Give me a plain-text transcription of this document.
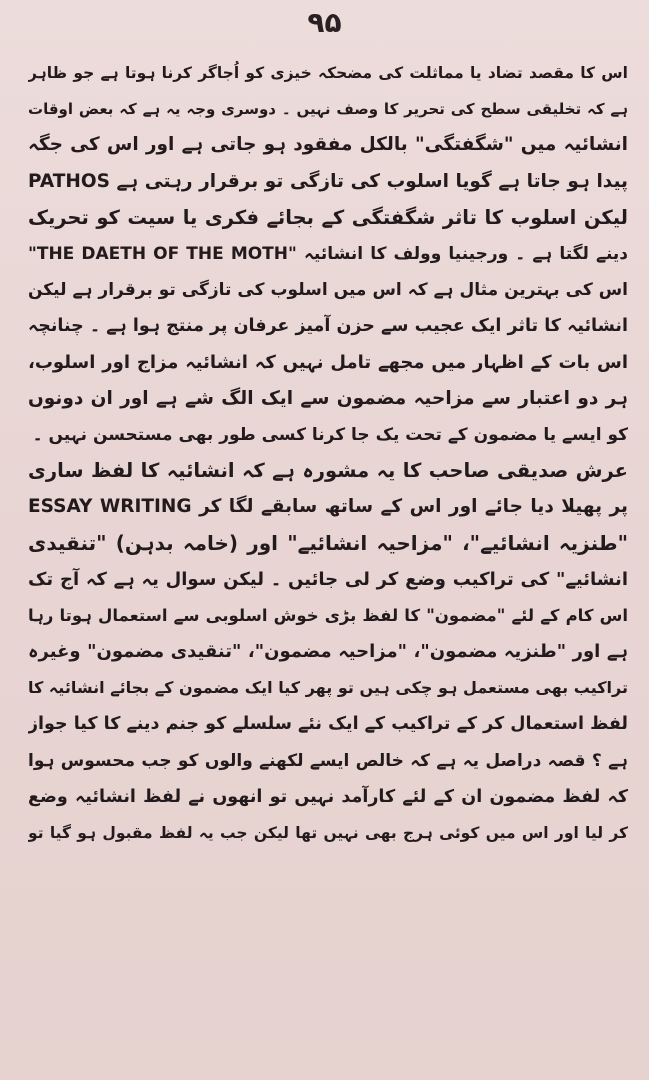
۹۵
اس کا مقصد تضاد یا مماثلت کی مضحکہ خیزی کو اُجاگر کرنا ہوتا ہے جو ظاہر
ہے کہ تخلیقی سطح کی تحریر کا وصف نہیں ۔ دوسری وجہ یہ ہے کہ بعض اوقات
انشائیہ میں "شگفتگی" بالکل مفقود ہو جاتی ہے اور اس کی جگہ
PATHOS پیدا ہو جاتا ہے گویا اسلوب کی تازگی تو برقرار رہتی ہے
لیکن اسلوب کا تاثر شگفتگی کے بجائے فکری یا سیت کو تحریک
دینے لگتا ہے ۔ ورجینیا وولف کا انشائیہ "THE DAETH OF THE MOTH"
اس کی بہترین مثال ہے کہ اس میں اسلوب کی تازگی تو برقرار ہے لیکن
انشائیہ کا تاثر ایک عجیب سے حزن آمیز عرفان پر منتج ہوا ہے ۔ چنانچہ
اس بات کے اظہار میں مجھے تامل نہیں کہ انشائیہ مزاج اور اسلوب،
ہر دو اعتبار سے مزاحیہ مضمون سے ایک الگ شے ہے اور ان دونوں
کو ایسے یا مضمون کے تحت یک جا کرنا کسی طور بھی مستحسن نہیں ۔
عرش صدیقی صاحب کا یہ مشورہ ہے کہ انشائیہ کا لفظ ساری
ESSAY WRITING پر پھیلا دیا جائے اور اس کے ساتھ سابقے لگا کر
"طنزیہ انشائیے"، "مزاحیہ انشائیے" اور (خامہ بدہن) "تنقیدی
انشائیے" کی تراکیب وضع کر لی جائیں ۔ لیکن سوال یہ ہے کہ آج تک
اس کام کے لئے "مضمون" کا لفظ بڑی خوش اسلوبی سے استعمال ہوتا رہا
ہے اور "طنزیہ مضمون"، "مزاحیہ مضمون"، "تنقیدی مضمون" وغیرہ
تراکیب بھی مستعمل ہو چکی ہیں تو پھر کیا ایک مضمون کے بجائے انشائیہ کا
لفظ استعمال کر کے تراکیب کے ایک نئے سلسلے کو جنم دینے کا کیا جواز
ہے ؟ قصہ دراصل یہ ہے کہ خالص ایسے لکھنے والوں کو جب محسوس ہوا
کہ لفظ مضمون ان کے لئے کارآمد نہیں تو انھوں نے لفظ انشائیہ وضع
کر لیا اور اس میں کوئی ہرج بھی نہیں تھا لیکن جب یہ لفظ مقبول ہو گیا تو
